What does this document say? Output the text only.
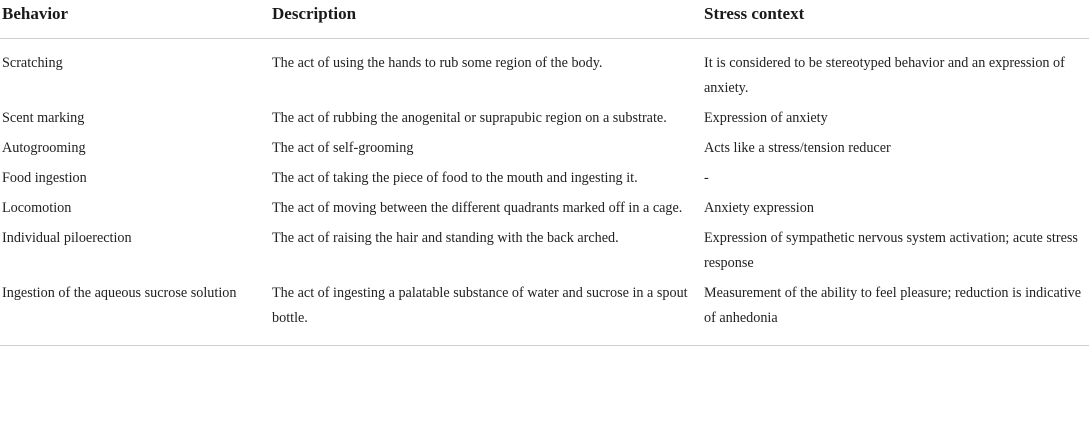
Behavior	Description	Stress context
Scratching	The act of using the hands to rub some region of the body.	It is considered to be stereotyped behavior and an expression of anxiety.
Scent marking	The act of rubbing the anogenital or suprapubic region on a substrate.	Expression of anxiety
Autogrooming	The act of self-grooming	Acts like a stress/tension reducer
Food ingestion	The act of taking the piece of food to the mouth and ingesting it.	-
Locomotion	The act of moving between the different quadrants marked off in a cage.	Anxiety expression
Individual piloerection	The act of raising the hair and standing with the back arched.	Expression of sympathetic nervous system activation; acute stress response
Ingestion of the aqueous sucrose solution	The act of ingesting a palatable substance of water and sucrose in a spout bottle.	Measurement of the ability to feel pleasure; reduction is indicative of anhedonia
